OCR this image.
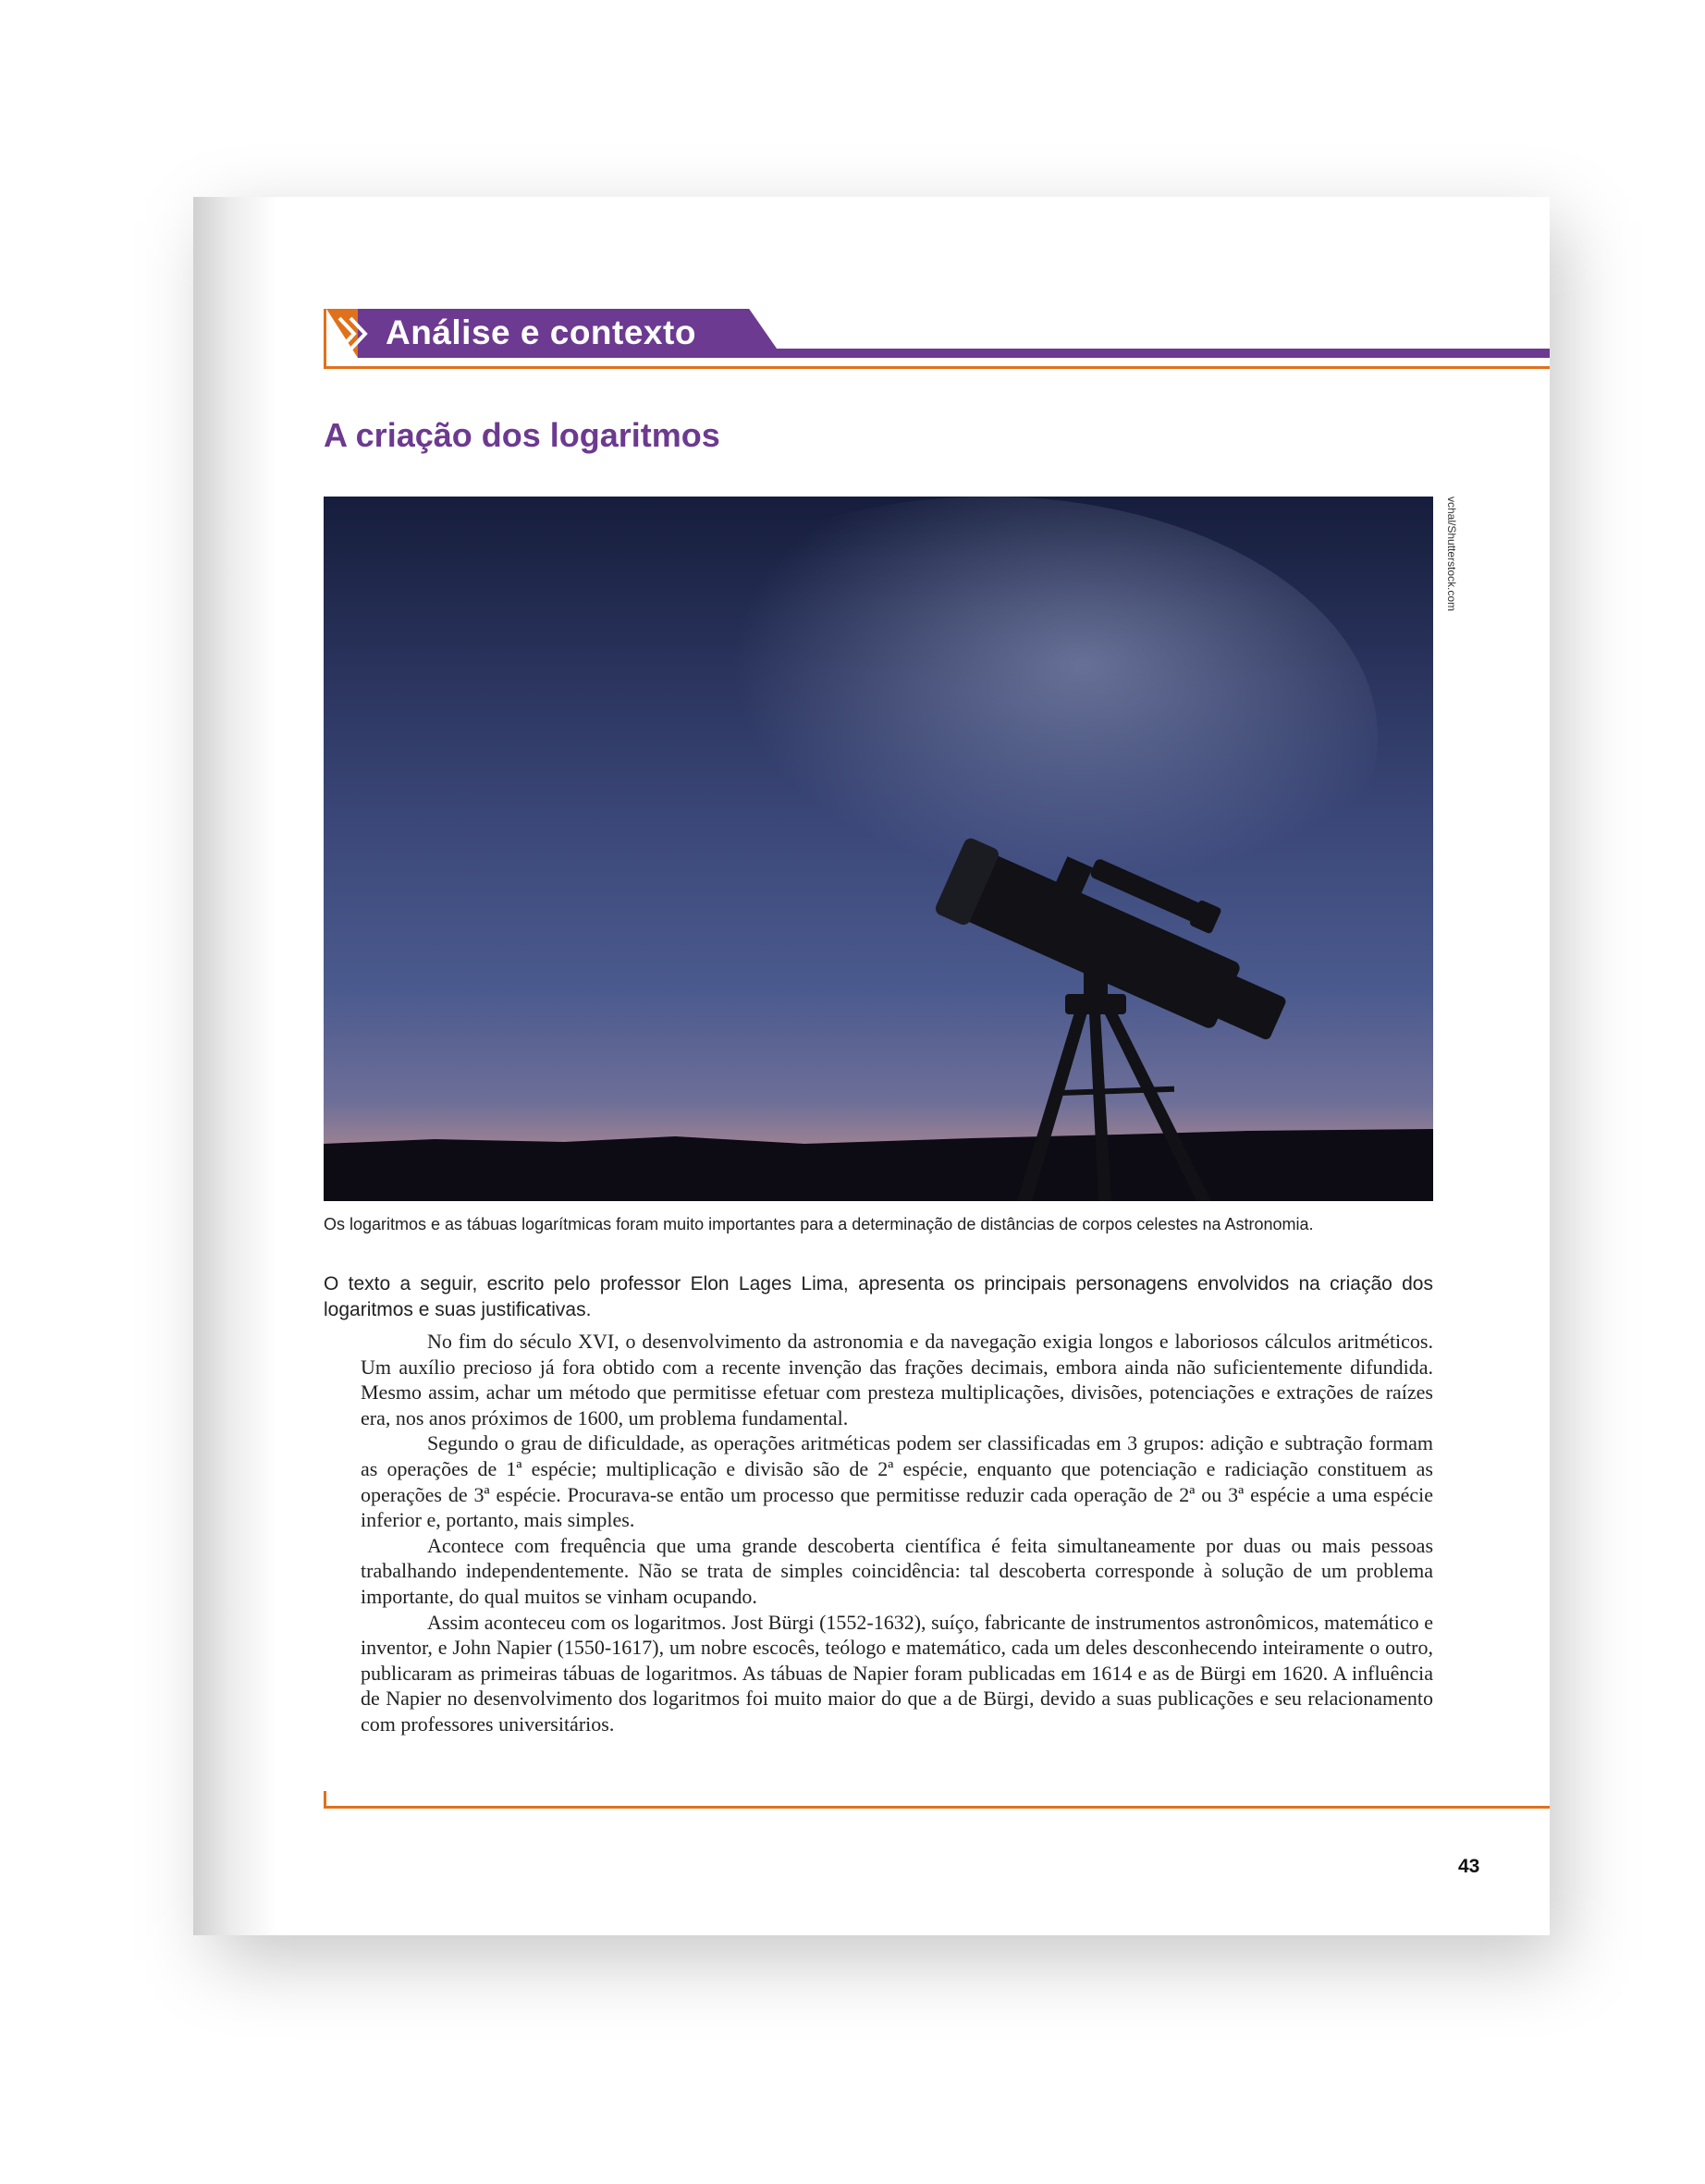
Análise e contexto
A criação dos logaritmos
vchal/Shutterstock.com
Os logaritmos e as tábuas logarítmicas foram muito importantes para a determinação de distâncias de corpos celestes na Astronomia.
O texto a seguir, escrito pelo professor Elon Lages Lima, apresenta os principais personagens envolvidos na criação dos logaritmos e suas justificativas.

No fim do século XVI, o desenvolvimento da astronomia e da navegação exigia longos e laboriosos cálculos aritméticos. Um auxílio precioso já fora obtido com a recente invenção das frações decimais, embora ainda não suficientemente difundida. Mesmo assim, achar um método que permitisse efetuar com presteza multiplicações, divisões, potenciações e extrações de raízes era, nos anos próximos de 1600, um problema fundamental.

Segundo o grau de dificuldade, as operações aritméticas podem ser classificadas em 3 grupos: adição e subtração formam as operações de 1ª espécie; multiplicação e divisão são de 2ª espécie, enquanto que potenciação e radiciação constituem as operações de 3ª espécie. Procurava-se então um processo que permitisse reduzir cada operação de 2ª ou 3ª espécie a uma espécie inferior e, portanto, mais simples.

Acontece com frequência que uma grande descoberta científica é feita simultaneamente por duas ou mais pessoas trabalhando independentemente. Não se trata de simples coincidência: tal descoberta corresponde à solução de um problema importante, do qual muitos se vinham ocupando.

Assim aconteceu com os logaritmos. Jost Bürgi (1552-1632), suíço, fabricante de instrumentos astronômicos, matemático e inventor, e John Napier (1550-1617), um nobre escocês, teólogo e matemático, cada um deles desconhecendo inteiramente o outro, publicaram as primeiras tábuas de logaritmos. As tábuas de Napier foram publicadas em 1614 e as de Bürgi em 1620. A influência de Napier no desenvolvimento dos logaritmos foi muito maior do que a de Bürgi, devido a suas publicações e seu relacionamento com professores universitários.

43
